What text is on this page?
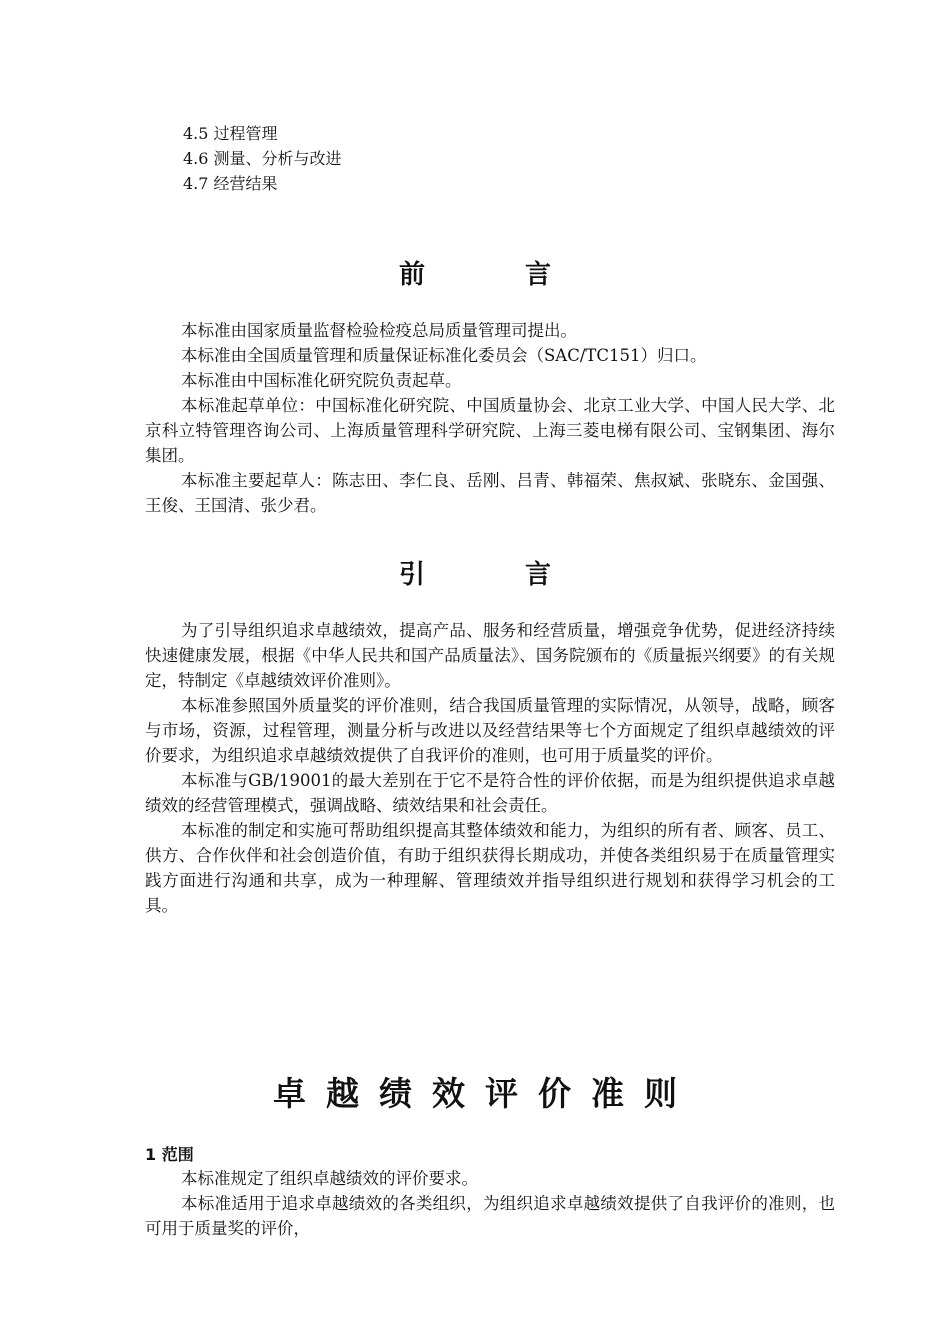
4.5 过程管理
4.6 测量、分析与改进
4.7 经营结果
前言

本标准由国家质量监督检验检疫总局质量管理司提出。

本标准由全国质量管理和质量保证标准化委员会（SAC/TC151）归口。

本标准由中国标准化研究院负责起草。

本标准起草单位：中国标准化研究院、中国质量协会、北京工业大学、中国人民大学、北京科立特管理咨询公司、上海质量管理科学研究院、上海三菱电梯有限公司、宝钢集团、海尔集团。

本标准主要起草人：陈志田、李仁良、岳刚、吕青、韩福荣、焦叔斌、张晓东、金国强、王俊、王国清、张少君。

引言

为了引导组织追求卓越绩效，提高产品、服务和经营质量，增强竞争优势，促进经济持续快速健康发展，根据《中华人民共和国产品质量法》、国务院颁布的《质量振兴纲要》的有关规定，特制定《卓越绩效评价准则》。

本标准参照国外质量奖的评价准则，结合我国质量管理的实际情况，从领导，战略，顾客与市场，资源，过程管理，测量分析与改进以及经营结果等七个方面规定了组织卓越绩效的评价要求，为组织追求卓越绩效提供了自我评价的准则，也可用于质量奖的评价。

本标准与GB/19001的最大差别在于它不是符合性的评价依据，而是为组织提供追求卓越绩效的经营管理模式，强调战略、绩效结果和社会责任。

本标准的制定和实施可帮助组织提高其整体绩效和能力，为组织的所有者、顾客、员工、供方、合作伙伴和社会创造价值，有助于组织获得长期成功，并使各类组织易于在质量管理实践方面进行沟通和共享，成为一种理解、管理绩效并指导组织进行规划和获得学习机会的工具。

卓越绩效评价准则
1 范围

本标准规定了组织卓越绩效的评价要求。

本标准适用于追求卓越绩效的各类组织，为组织追求卓越绩效提供了自我评价的准则，也可用于质量奖的评价，
